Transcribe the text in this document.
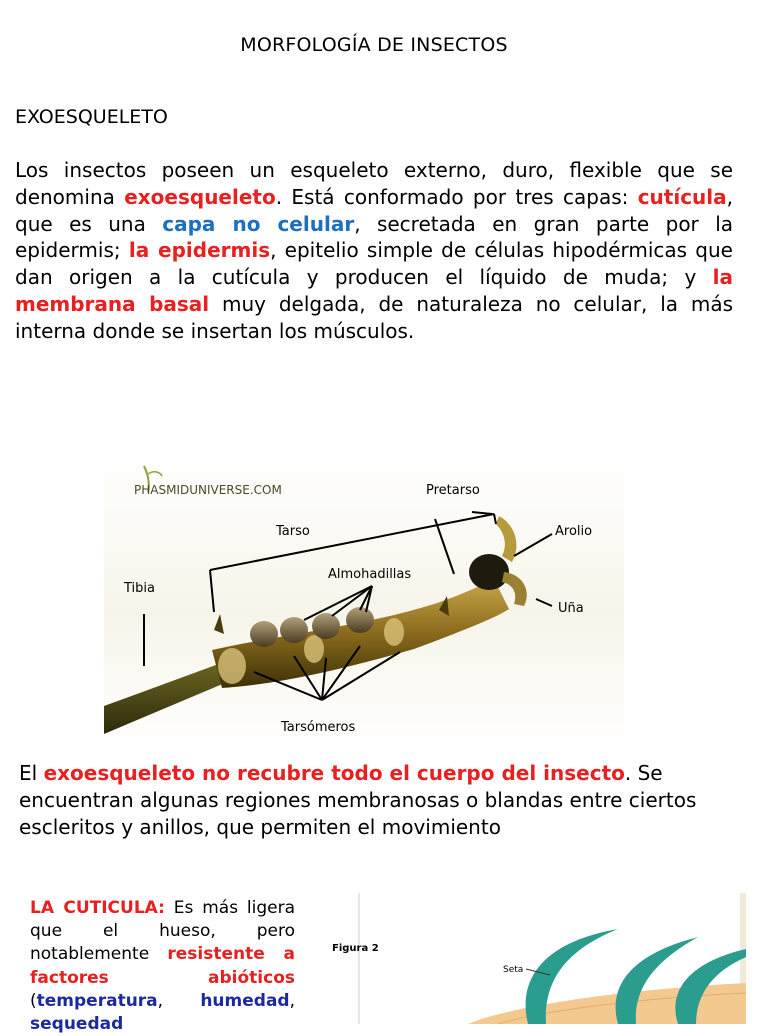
MORFOLOGÍA DE INSECTOS
EXOESQUELETO

Los insectos poseen un esqueleto externo, duro, flexible que se denomina exoesqueleto. Está conformado por tres capas: cutícula, que es una capa no celular, secretada en gran parte por la epidermis; la epidermis, epitelio simple de células hipodérmicas que dan origen a la cutícula y producen el líquido de muda; y la membrana basal muy delgada, de naturaleza no celular, la más interna donde se insertan los músculos.

PHASMIDUNIVERSE.COM	Pretarso
Tarso	Arolio
Almohadillas
Tibia
Uña
Tarsómeros

El exoesqueleto no recubre todo el cuerpo del insecto. Se encuentran algunas regiones membranosas o blandas entre ciertos escleritos y anillos, que permiten el movimiento

LA CUTICULA: Es más ligera que el hueso, pero notablemente resistente a factores abióticos (temperatura, humedad, sequedad

Figura 2
Seta
